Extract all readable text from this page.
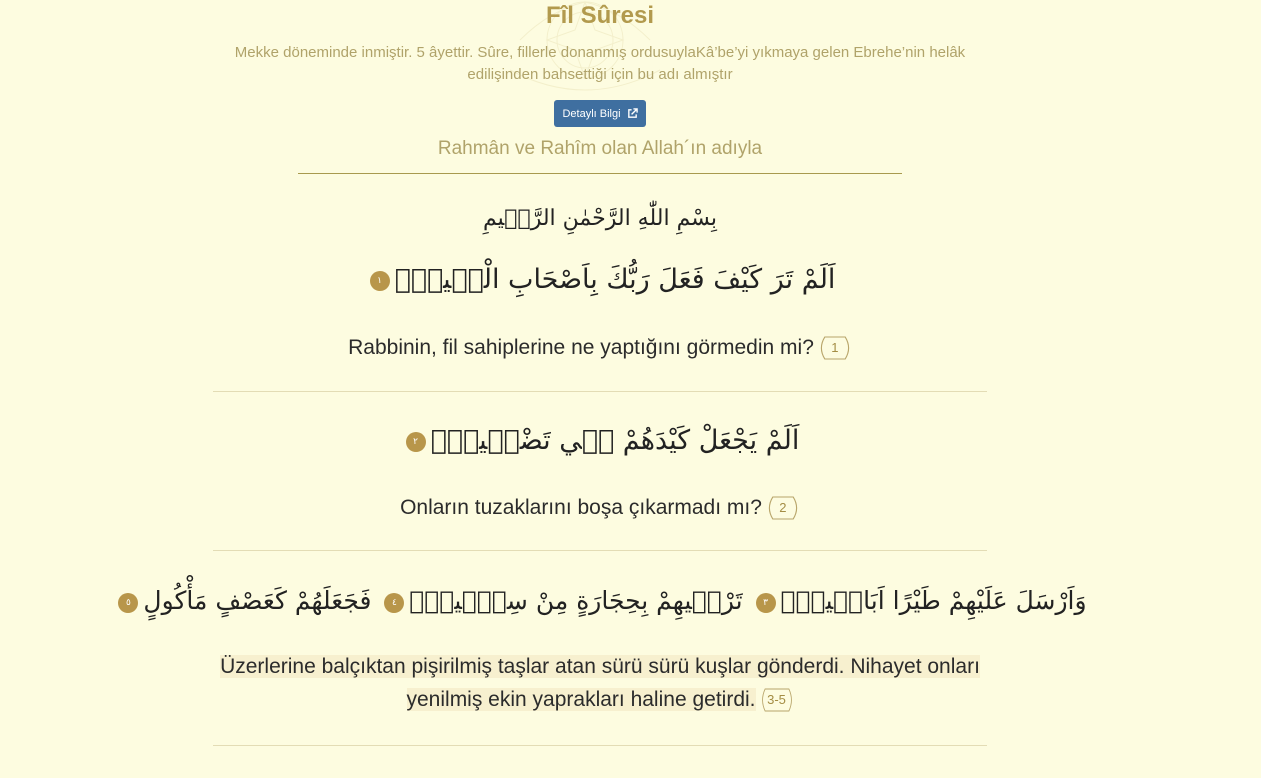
Fîl Sûresi
Mekke döneminde inmiştir. 5 âyettir. Sûre, fillerle donanmış ordusuylaKâ’be’yi yıkmaya gelen Ebrehe’nin helâk
edilişinden bahsettiği için bu adı almıştır
Detaylı Bilgi
Rahmân ve Rahîm olan Allah´ın adıyla
بِسْمِ اللّٰهِ الرَّحْمٰنِ الرَّح۪يمِ
اَلَمْ تَرَ كَيْفَ فَعَلَ رَبُّكَ بِاَصْحَابِ الْف۪يلِۜ١
Rabbinin, fil sahiplerine ne yaptığını görmedin mi? 1
اَلَمْ يَجْعَلْ كَيْدَهُمْ ف۪ي تَضْل۪يلٍۙ٢
Onların tuzaklarını boşa çıkarmadı mı? 2
وَاَرْسَلَ عَلَيْهِمْ طَيْرًا اَبَاب۪يلَۙ٣ تَرْم۪يهِمْ بِحِجَارَةٍ مِنْ سِجّ۪يلٍۙ٤ فَجَعَلَهُمْ كَعَصْفٍ مَأْكُولٍ٥
Üzerlerine balçıktan pişirilmiş taşlar atan sürü sürü kuşlar gönderdi. Nihayet onları
yenilmiş ekin yaprakları haline getirdi. 3-5
